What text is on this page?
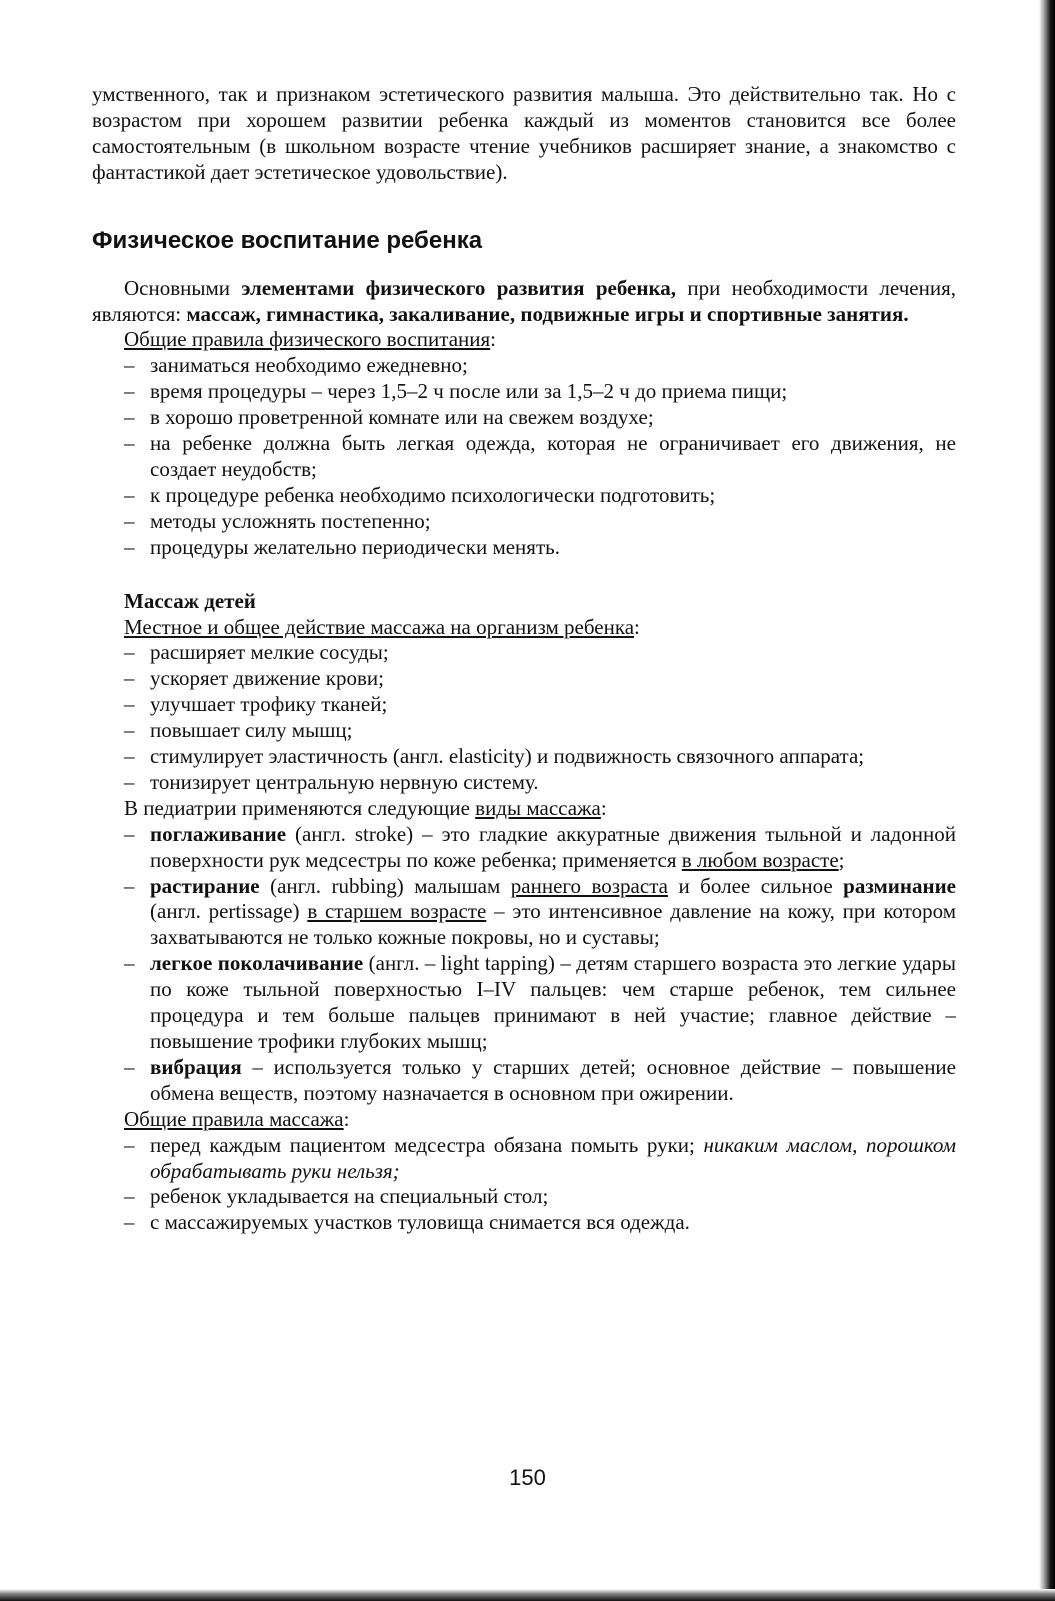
умственного, так и признаком эстетического развития малыша. Это действительно так. Но с возрастом при хорошем развитии ребенка каждый из моментов становится все более самостоятельным (в школьном возрасте чтение учебников расширяет знание, а знакомство с фантастикой дает эстетическое удовольствие).

Физическое воспитание ребенка

Основными элементами физического развития ребенка, при необходимости лечения, являются: массаж, гимнастика, закаливание, подвижные игры и спортивные занятия.

Общие правила физического воспитания:
– заниматься необходимо ежедневно;
– время процедуры – через 1,5–2 ч после или за 1,5–2 ч до приема пищи;
– в хорошо проветренной комнате или на свежем воздухе;
– на ребенке должна быть легкая одежда, которая не ограничивает его движения, не создает неудобств;
– к процедуре ребенка необходимо психологически подготовить;
– методы усложнять постепенно;
– процедуры желательно периодически менять.
Массаж детей
Местное и общее действие массажа на организм ребенка:
– расширяет мелкие сосуды;
– ускоряет движение крови;
– улучшает трофику тканей;
– повышает силу мышц;
– стимулирует эластичность (англ. elasticity) и подвижность связочного аппарата;
– тонизирует центральную нервную систему.
В педиатрии применяются следующие виды массажа:
– поглаживание (англ. stroke) – это гладкие аккуратные движения тыльной и ладонной поверхности рук медсестры по коже ребенка; применяется в любом возрасте;
– растирание (англ. rubbing) малышам раннего возраста и более сильное разминание (англ. pertissage) в старшем возрасте – это интенсивное давление на кожу, при котором захватываются не только кожные покровы, но и суставы;
– легкое поколачивание (англ. – light tapping) – детям старшего возраста это легкие удары по коже тыльной поверхностью I–IV пальцев: чем старше ребенок, тем сильнее процедура и тем больше пальцев принимают в ней участие; главное действие – повышение трофики глубоких мышц;
– вибрация – используется только у старших детей; основное действие – повышение обмена веществ, поэтому назначается в основном при ожирении.
Общие правила массажа:
– перед каждым пациентом медсестра обязана помыть руки; никаким маслом, порошком обрабатывать руки нельзя;
– ребенок укладывается на специальный стол;
– с массажируемых участков туловища снимается вся одежда.
150
